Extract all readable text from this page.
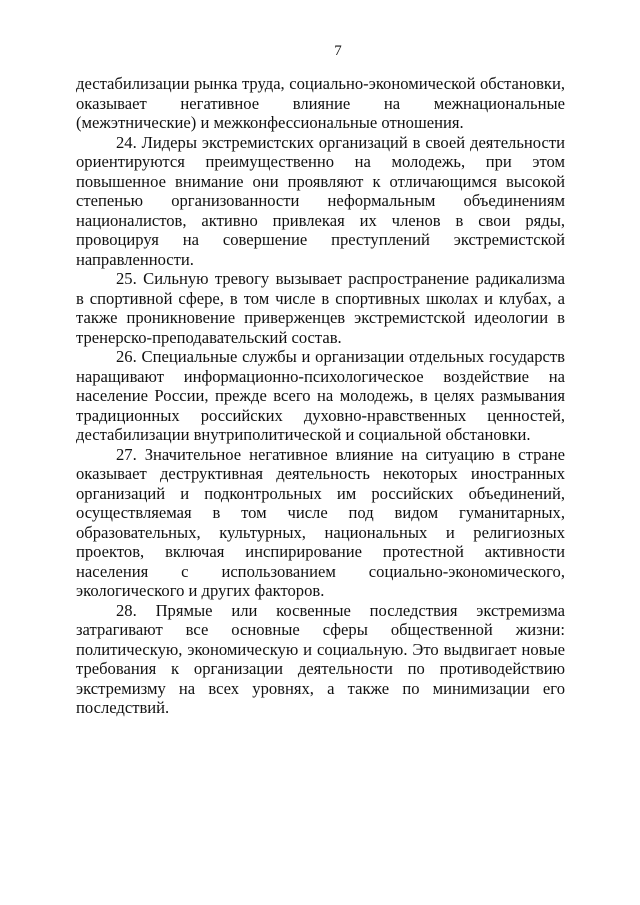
7

дестабилизации рынка труда, социально-экономической обстановки, оказывает негативное влияние на межнациональные (межэтнические) и межконфессиональные отношения.

24. Лидеры экстремистских организаций в своей деятельности ориентируются преимущественно на молодежь, при этом повышенное внимание они проявляют к отличающимся высокой степенью организованности неформальным объединениям националистов, активно привлекая их членов в свои ряды, провоцируя на совершение преступлений экстремистской направленности.

25. Сильную тревогу вызывает распространение радикализма в спортивной сфере, в том числе в спортивных школах и клубах, а также проникновение приверженцев экстремистской идеологии в тренерско-преподавательский состав.

26. Специальные службы и организации отдельных государств наращивают информационно-психологическое воздействие на население России, прежде всего на молодежь, в целях размывания традиционных российских духовно-нравственных ценностей, дестабилизации внутриполитической и социальной обстановки.

27. Значительное негативное влияние на ситуацию в стране оказывает деструктивная деятельность некоторых иностранных организаций и подконтрольных им российских объединений, осуществляемая в том числе под видом гуманитарных, образовательных, культурных, национальных и религиозных проектов, включая инспирирование протестной активности населения с использованием социально-экономического, экологического и других факторов.

28. Прямые или косвенные последствия экстремизма затрагивают все основные сферы общественной жизни: политическую, экономическую и социальную. Это выдвигает новые требования к организации деятельности по противодействию экстремизму на всех уровнях, а также по минимизации его последствий.
